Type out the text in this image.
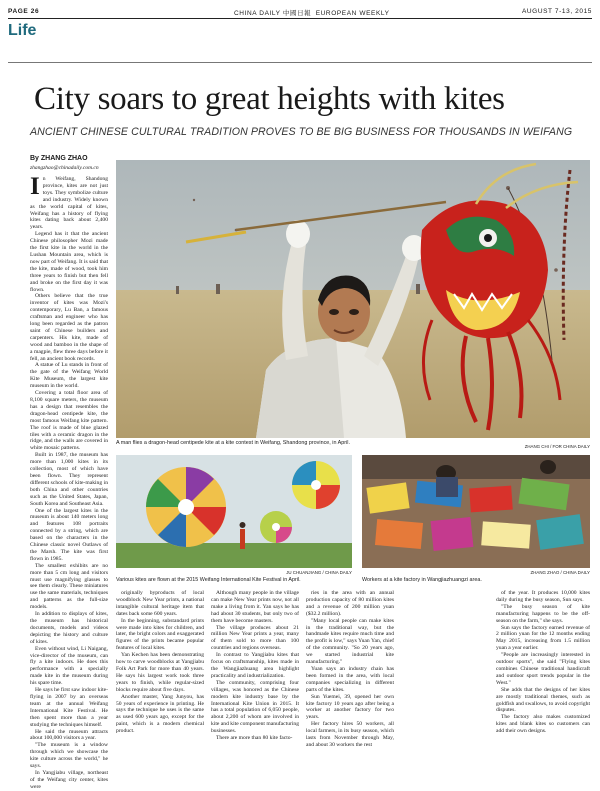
PAGE 26	CHINA DAILY 中國日報 EUROPEAN WEEKLY	AUGUST 7-13, 2015
Life
City soars to great heights with kites
ANCIENT CHINESE CULTURAL TRADITION PROVES TO BE BIG BUSINESS FOR THOUSANDS IN WEIFANG
By ZHANG ZHAO
zhangzhao@chinadaily.com.cn
I n Weifang, Shandong province, kites are not just toys. They symbolize culture and industry. Widely known as the world capital of kites, Weifang has a history of flying kites dating back about 2,400 years.

Legend has it that the ancient Chinese philosopher Mozi made the first kite in the world in the Lushan Mountain area, which is now part of Weifang. It is said that the kite, made of wood, took him three years to finish but then fell and broke on the first day it was flown.

Others believe that the true inventor of kites was Mozi's contemporary, Lu Ban, a famous craftsman and engineer who has long been regarded as the patron saint of Chinese builders and carpenters. His kite, made of wood and bamboo in the shape of a magpie, flew three days before it fell, an ancient book records.

A statue of Lu stands in front of the gate of the Weifang World Kite Museum, the largest kite museum in the world.

Covering a total floor area of 8,100 square meters, the museum has a design that resembles the dragon-head centipede kite, the most famous Weifang kite pattern. The roof is made of blue glazed tiles with a ceramic dragon in the ridge, and the walls are covered in white mosaic patterns.

Built in 1987, the museum has more than 1,000 kites in its collection, most of which have been flown. They represent different schools of kite-making in both China and other countries such as the United States, Japan, South Korea and Southeast Asia.

One of the largest kites in the museum is about 140 meters long and features 108 portraits connected by a string, which are based on the characters in the Chinese classic novel Outlaws of the Marsh. The kite was first flown in 1985.

The smallest exhibits are no more than 5 cm long and visitors must use magnifying glasses to see them clearly. These miniatures use the same materials, techniques and patterns as the full-size models.

In addition to displays of kites, the museum has historical documents, models and videos depicting the history and culture of kites.

Even without wind, Li Naigang, vice-director of the museum, can fly a kite indoors. He does this performance with a specially made kite in the museum during his spare time.

He says he first saw indoor kite-flying in 2007 by an overseas team at the annual Weifang International Kite Festival. He then spent more than a year studying the techniques himself.

He said the museum attracts about 100,000 visitors a year.

"The museum is a window through which we showcase the kite culture across the world," he says.

In Yangjiabu village, northeast of the Weifang city center, kites were

A man flies a dragon-head centipede kite at a kite contest in Weifang, Shandong province, in April.
ZHANG CHI / FOR CHINA DAILY
JU CHUANJIANG / CHINA DAILY
Various kites are flown at the 2015 Weifang International Kite Festival in April.
ZHANG ZHAO / CHINA DAILY
Workers at a kite factory in Wangjiazhuangzi area.

originally byproducts of local woodblock New Year prints, a national intangible cultural heritage item that dates back some 600 years.

In the beginning, substandard prints were made into kites for children, and later, the bright colors and exaggerated figures of the prints became popular features of local kites.

Yan Kechen has been demonstrating how to carve woodblocks at Yangjiabu Folk Art Park for more than 40 years. He says his largest work took three years to finish, while regular-sized blocks require about five days.

Another master, Yang Junyou, has 50 years of experience in printing. He says the technique he uses is the same as used 600 years ago, except for the paint, which is a modern chemical product.

Although many people in the village can make New Year prints now, not all make a living from it. Yan says he has had about 30 students, but only two of them have become masters.

The village produces about 21 million New Year prints a year, many of them sold to more than 100 countries and regions overseas.

In contrast to Yangjiabu kites that focus on craftsmanship, kites made in the Wangjiazhuang area highlight practicality and industrialization.

The community, comprising four villages, was honored as the Chinese modern kite industry base by the International Kite Union in 2015. It has a total population of 6,050 people, about 2,200 of whom are involved in kite and kite component manufacturing businesses.

There are more than 80 kite facto-

ries in the area with an annual production capacity of 80 million kites and a revenue of 200 million yuan ($32.2 million).

"Many local people can make kites in the traditional way, but the handmade kites require much time and the profit is low," says Yuan Yan, chief of the community. "So 20 years ago, we started industrial kite manufacturing."

Yuan says an industry chain has been formed in the area, with local companies specializing in different parts of the kites.

Sun Yuemei, 39, opened her own kite factory 10 years ago after being a worker at another factory for two years.

Her factory hires 50 workers, all local farmers, in its busy season, which lasts from November through May, and about 30 workers the rest

of the year. It produces 10,000 kites daily during the busy season, Sun says.

"The busy season of kite manufacturing happens to be the off-season on the farm," she says.

Sun says the factory earned revenue of 2 million yuan for the 12 months ending May 2015, increasing from 1.5 million yuan a year earlier.

"People are increasingly interested in outdoor sports", she said "Flying kites combines Chinese traditional handicraft and outdoor sport trends popular in the West."

She adds that the designs of her kites are mostly traditional themes, such as goldfish and swallows, to avoid copyright disputes.

The factory also makes customized kites and blank kites so customers can add their own designs.
